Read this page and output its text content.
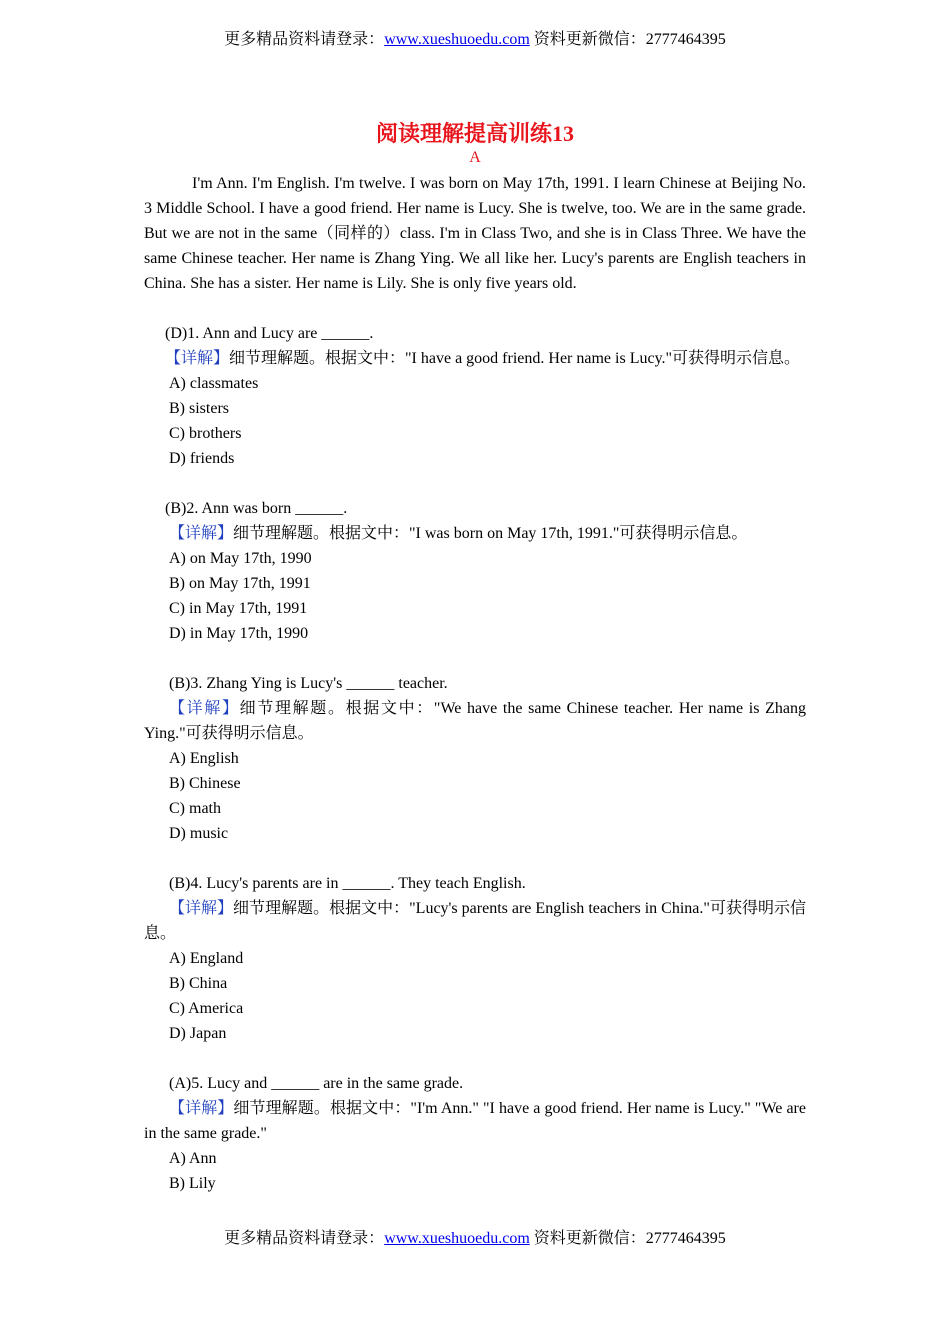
更多精品资料请登录：www.xueshuoedu.com 资料更新微信：2777464395

阅读理解提高训练13

A

I'm Ann. I'm English. I'm twelve. I was born on May 17th, 1991. I learn Chinese at Beijing No. 3 Middle School. I have a good friend. Her name is Lucy. She is twelve, too. We are in the same grade. But we are not in the same（同样的）class. I'm in Class Two, and she is in Class Three. We have the same Chinese teacher. Her name is Zhang Ying. We all like her. Lucy's parents are English teachers in China. She has a sister. Her name is Lily. She is only five years old.

(D)1. Ann and Lucy are ______.

【详解】细节理解题。根据文中："I have a good friend. Her name is Lucy."可获得明示信息。

A) classmates

B) sisters

C) brothers

D) friends

(B)2. Ann was born ______.

【详解】细节理解题。根据文中："I was born on May 17th, 1991."可获得明示信息。

A) on May 17th, 1990

B) on May 17th, 1991

C) in May 17th, 1991

D) in May 17th, 1990

(B)3. Zhang Ying is Lucy's ______ teacher.

【详解】细节理解题。根据文中："We have the same Chinese teacher. Her name is Zhang Ying."可获得明示信息。

A) English

B) Chinese

C) math

D) music

(B)4. Lucy's parents are in ______. They teach English.

【详解】细节理解题。根据文中："Lucy's parents are English teachers in China."可获得明示信息。

A) England

B) China

C) America

D) Japan

(A)5. Lucy and ______ are in the same grade.

【详解】细节理解题。根据文中："I'm Ann." "I have a good friend. Her name is Lucy." "We are in the same grade."

A) Ann

B) Lily

更多精品资料请登录：www.xueshuoedu.com 资料更新微信：2777464395
